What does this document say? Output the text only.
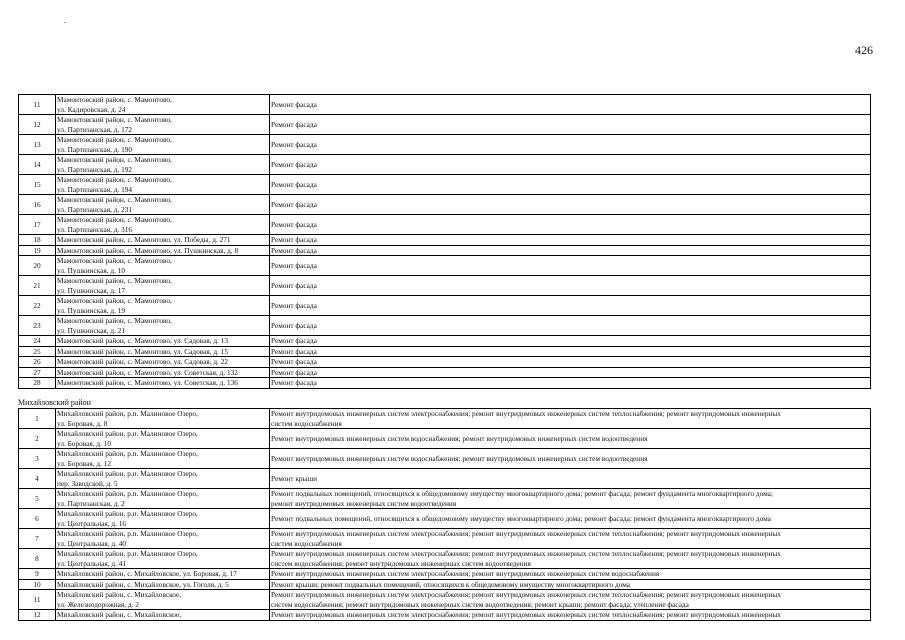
426
11	Мамонтовский район, с. Мамонтово,
ул. Кадировская, д. 24	Ремонт фасада

12	Мамонтовский район, с. Мамонтово,
ул. Партизанская, д. 172	Ремонт фасада

13	Мамонтовский район, с. Мамонтово,
ул. Партизанская, д. 190	Ремонт фасада

14	Мамонтовский район, с. Мамонтово,
ул. Партизанская, д. 192	Ремонт фасада

15	Мамонтовский район, с. Мамонтово,
ул. Партизанская, д. 194	Ремонт фасада

16	Мамонтовский район, с. Мамонтово,
ул. Партизанская, д. 231	Ремонт фасада

17	Мамонтовский район, с. Мамонтово,
ул. Партизанская, д. 316	Ремонт фасада

18	Мамонтовский район, с. Мамонтово, ул. Победы, д. 271	Ремонт фасада

19	Мамонтовский район, с. Мамонтово, ул. Пушкинская, д. 8	Ремонт фасада

20	Мамонтовский район, с. Мамонтово,
ул. Пушкинская, д. 10	Ремонт фасада

21	Мамонтовский район, с. Мамонтово,
ул. Пушкинская, д. 17	Ремонт фасада

22	Мамонтовский район, с. Мамонтово,
ул. Пушкинская, д. 19	Ремонт фасада

23	Мамонтовский район, с. Мамонтово,
ул. Пушкинская, д. 21	Ремонт фасада

24	Мамонтовский район, с. Мамонтово, ул. Садовая, д. 13	Ремонт фасада

25	Мамонтовский район, с. Мамонтово, ул. Садовая, д. 15	Ремонт фасада

26	Мамонтовский район, с. Мамонтово, ул. Садовая, д. 22	Ремонт фасада

27	Мамонтовский район, с. Мамонтово, ул. Советская, д. 132	Ремонт фасада

28	Мамонтовский район, с. Мамонтово, ул. Советская, д. 136	Ремонт фасада
Михайловский район
1	Михайловский район, р.п. Малиновое Озеро,
ул. Боровая, д. 8	Ремонт внутридомовых инженерных систем электроснабжения; ремонт внутридомовых инженерных систем теплоснабжения; ремонт внутридомовых инженерных
систем водоснабжения

2	Михайловский район, р.п. Малиновое Озеро,
ул. Боровая, д. 10	Ремонт внутридомовых инженерных систем водоснабжения; ремонт внутридомовых инженерных систем водоотведения

3	Михайловский район, р.п. Малиновое Озеро,
ул. Боровая, д. 12	Ремонт внутридомовых инженерных систем водоснабжения; ремонт внутридомовых инженерных систем водоотведения

4	Михайловский район, р.п. Малиновое Озеро,
пер. Заводской, д. 5	Ремонт крыши

5	Михайловский район, р.п. Малиновое Озеро,
ул. Партизанская, д. 2	Ремонт подвальных помещений, относящихся к общедомовому имуществу многоквартирного дома; ремонт фасада; ремонт фундамента многоквартирного дома;
ремонт внутридомовых инженерных систем водоотведения

6	Михайловский район, р.п. Малиновое Озеро,
ул. Центральная, д. 16	Ремонт подвальных помещений, относящихся к общедомовому имуществу многоквартирного дома; ремонт фасада; ремонт фундамента многоквартирного дома

7	Михайловский район, р.п. Малиновое Озеро,
ул. Центральная, д. 40	Ремонт внутридомовых инженерных систем электроснабжения; ремонт внутридомовых инженерных систем теплоснабжения; ремонт внутридомовых инженерных
систем водоснабжения

8	Михайловский район, р.п. Малиновое Озеро,
ул. Центральная, д. 41	Ремонт внутридомовых инженерных систем электроснабжения; ремонт внутридомовых инженерных систем теплоснабжения; ремонт внутридомовых инженерных
систем водоснабжения; ремонт внутридомовых инженерных систем водоотведения

9	Михайловский район, с. Михайловское, ул. Боровая, д. 17	Ремонт внутридомовых инженерных систем электроснабжения; ремонт внутридомовых инженерных систем водоснабжения

10	Михайловский район, с. Михайловское, ул. Гоголя, д. 5	Ремонт крыши; ремонт подвальных помещений, относящихся к общедомовому имуществу многоквартирного дома

11	Михайловский район, с. Михайловское,
ул. Железнодорожная, д. 2	Ремонт внутридомовых инженерных систем электроснабжения; ремонт внутридомовых инженерных систем теплоснабжения; ремонт внутридомовых инженерных
систем водоснабжения; ремонт внутридомовых инженерных систем водоотведения; ремонт крыши; ремонт фасада; утепление фасада

12	Михайловский район, с. Михайловское,	Ремонт внутридомовых инженерных систем электроснабжения; ремонт внутридомовых инженерных систем теплоснабжения; ремонт внутридомовых инженерных
